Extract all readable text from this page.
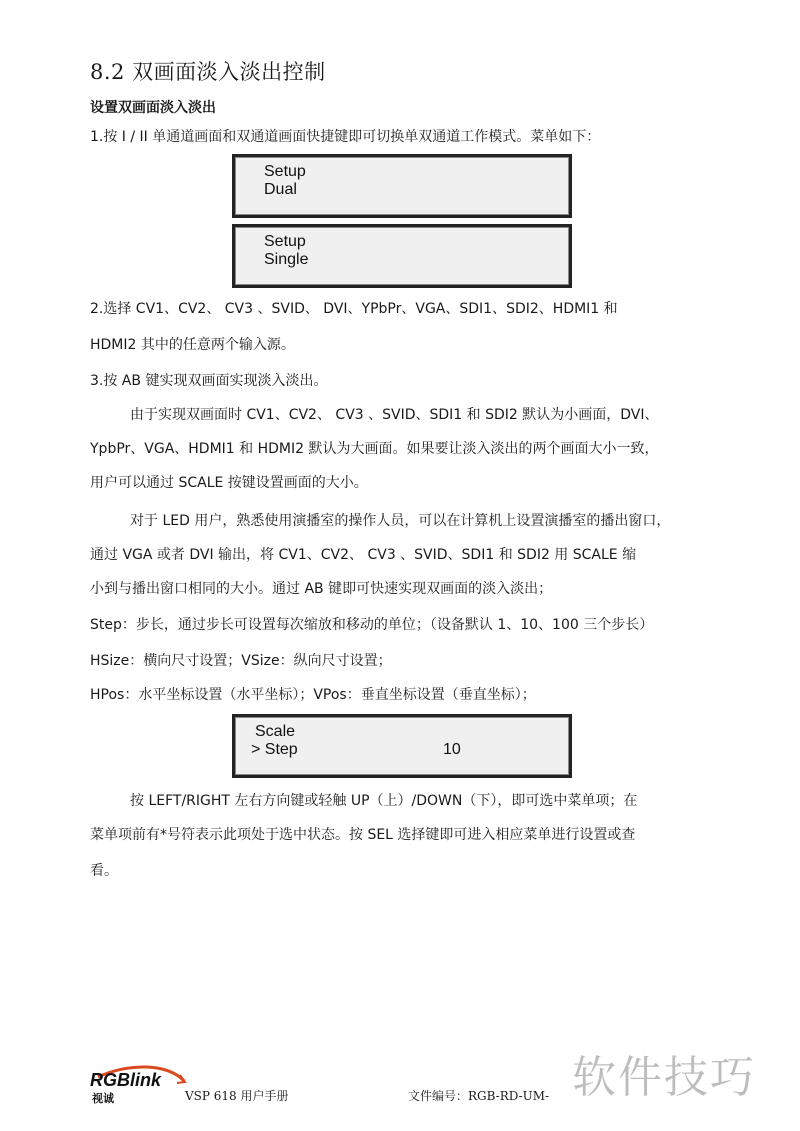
8.2 双画面淡入淡出控制
设置双画面淡入淡出
1.按 I / II 单通道画面和双通道画面快捷键即可切换单双通道工作模式。菜单如下：
Setup
Dual
Setup
Single
2.选择 CV1、CV2、 CV3 、SVID、 DVI、YPbPr、VGA、SDI1、SDI2、HDMI1 和
HDMI2 其中的任意两个输入源。
3.按 AB 键实现双画面实现淡入淡出。
由于实现双画面时 CV1、CV2、 CV3 、SVID、SDI1 和 SDI2 默认为小画面，DVI、
YpbPr、VGA、HDMI1 和 HDMI2 默认为大画面。如果要让淡入淡出的两个画面大小一致，
用户可以通过 SCALE 按键设置画面的大小。
对于 LED 用户，熟悉使用演播室的操作人员，可以在计算机上设置演播室的播出窗口，
通过 VGA 或者 DVI 输出，将 CV1、CV2、 CV3 、SVID、SDI1 和 SDI2 用 SCALE 缩
小到与播出窗口相同的大小。通过 AB 键即可快速实现双画面的淡入淡出；
Step：步长，通过步长可设置每次缩放和移动的单位；（设备默认 1、10、100 三个步长）
HSize：横向尺寸设置；VSize：纵向尺寸设置；
HPos：水平坐标设置（水平坐标）；VPos：垂直坐标设置（垂直坐标）；
Scale
> Step	10
按 LEFT/RIGHT 左右方向键或轻触 UP（上）/DOWN（下），即可选中菜单项；在
菜单项前有*号符表示此项处于选中状态。按 SEL 选择键即可进入相应菜单进行设置或查
看。
RGBlink
视诚	VSP 618 用户手册	文件编号：RGB-RD-UM- 软件技巧
